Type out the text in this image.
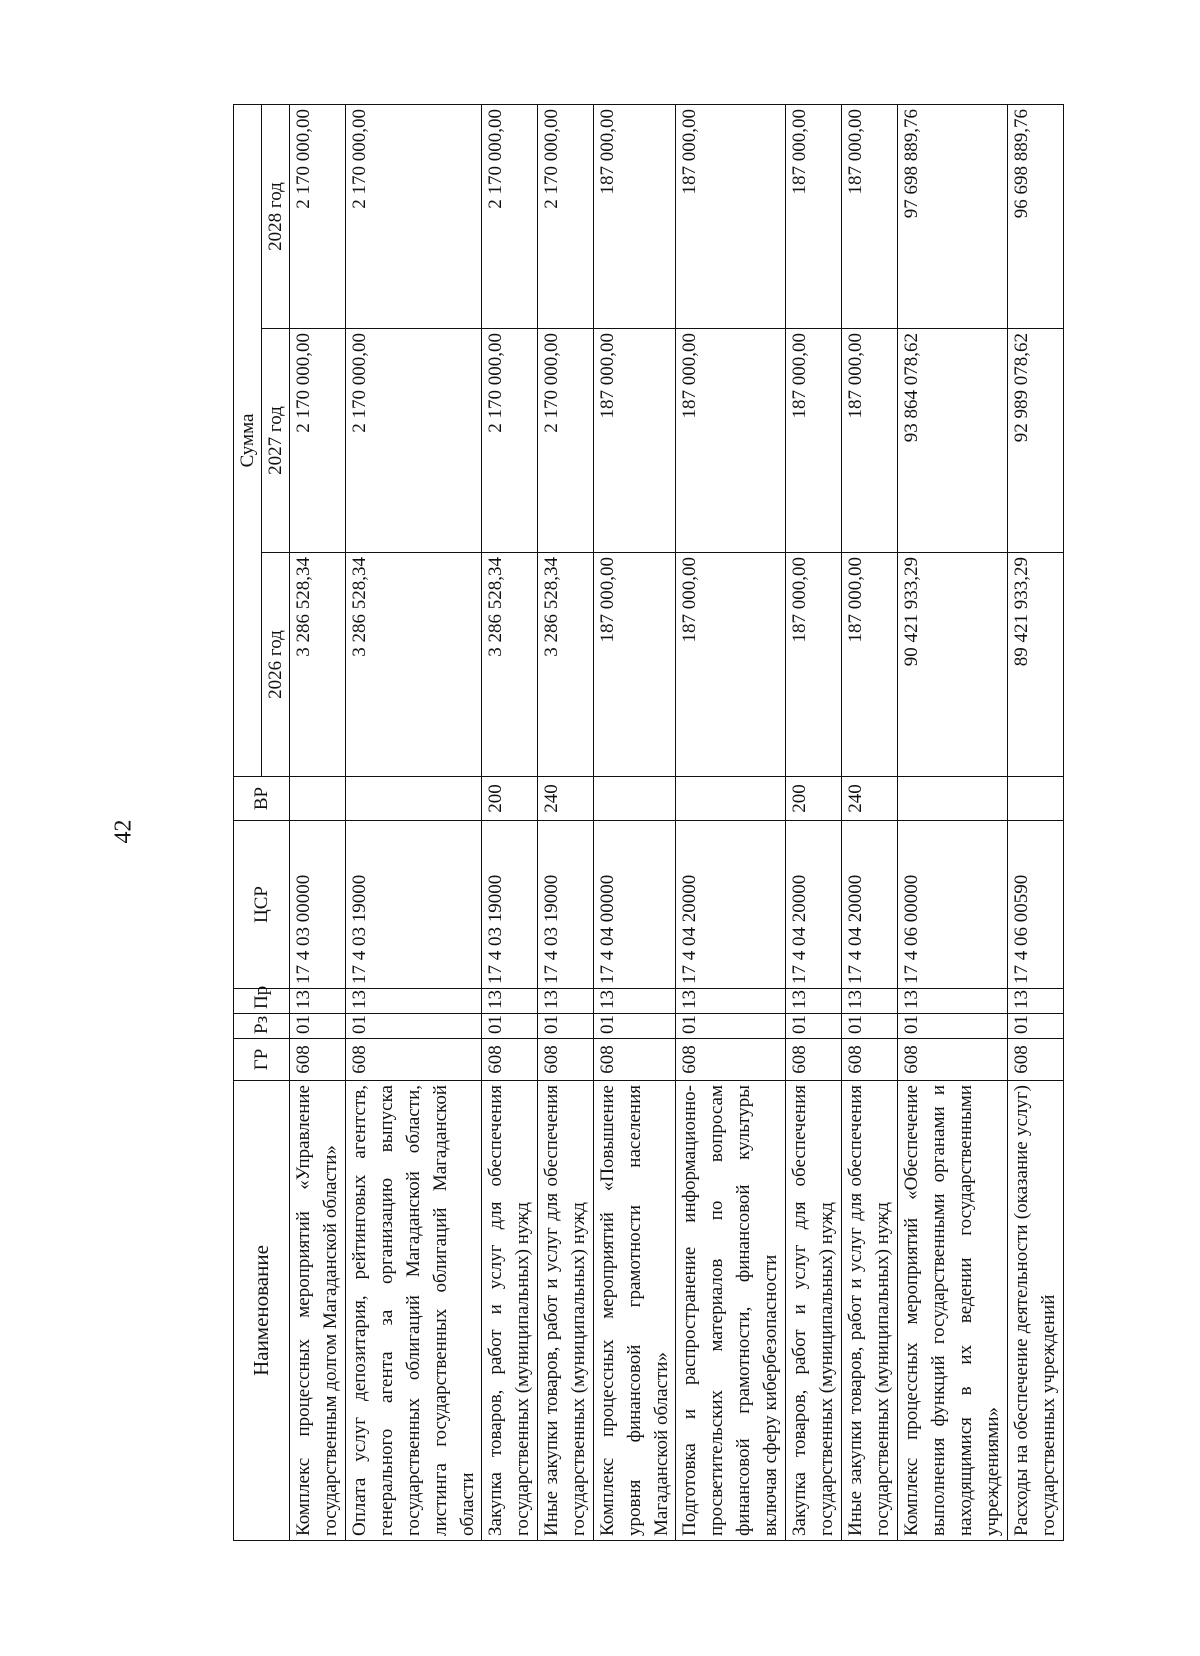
42
Наименование	ГР	Рз	Пр	ЦСР	ВР	Сумма		
						2026 год	2027 год	2028 год
Комплекс процессных мероприятий «Управление государственным долгом Магаданской области»	608	01	13	17 4 03 00000		3 286 528,34	2 170 000,00	2 170 000,00
Оплата услуг депозитария, рейтинговых агентств, генерального агента за организацию выпуска государственных облигаций Магаданской области, листинга государственных облигаций Магаданской области	608	01	13	17 4 03 19000		3 286 528,34	2 170 000,00	2 170 000,00
Закупка товаров, работ и услуг для обеспечения государственных (муниципальных) нужд	608	01	13	17 4 03 19000	200	3 286 528,34	2 170 000,00	2 170 000,00
Иные закупки товаров, работ и услуг для обеспечения государственных (муниципальных) нужд	608	01	13	17 4 03 19000	240	3 286 528,34	2 170 000,00	2 170 000,00
Комплекс процессных мероприятий «Повышение уровня финансовой грамотности населения Магаданской области»	608	01	13	17 4 04 00000		187 000,00	187 000,00	187 000,00
Подготовка и распространение информационно-просветительских материалов по вопросам финансовой грамотности, финансовой культуры включая сферу кибербезопасности	608	01	13	17 4 04 20000		187 000,00	187 000,00	187 000,00
Закупка товаров, работ и услуг для обеспечения государственных (муниципальных) нужд	608	01	13	17 4 04 20000	200	187 000,00	187 000,00	187 000,00
Иные закупки товаров, работ и услуг для обеспечения государственных (муниципальных) нужд	608	01	13	17 4 04 20000	240	187 000,00	187 000,00	187 000,00
Комплекс процессных мероприятий «Обеспечение выполнения функций государственными органами и находящимися в их ведении государственными учреждениями»	608	01	13	17 4 06 00000		90 421 933,29	93 864 078,62	97 698 889,76
Расходы на обеспечение деятельности (оказание услуг) государственных учреждений	608	01	13	17 4 06 00590		89 421 933,29	92 989 078,62	96 698 889,76
